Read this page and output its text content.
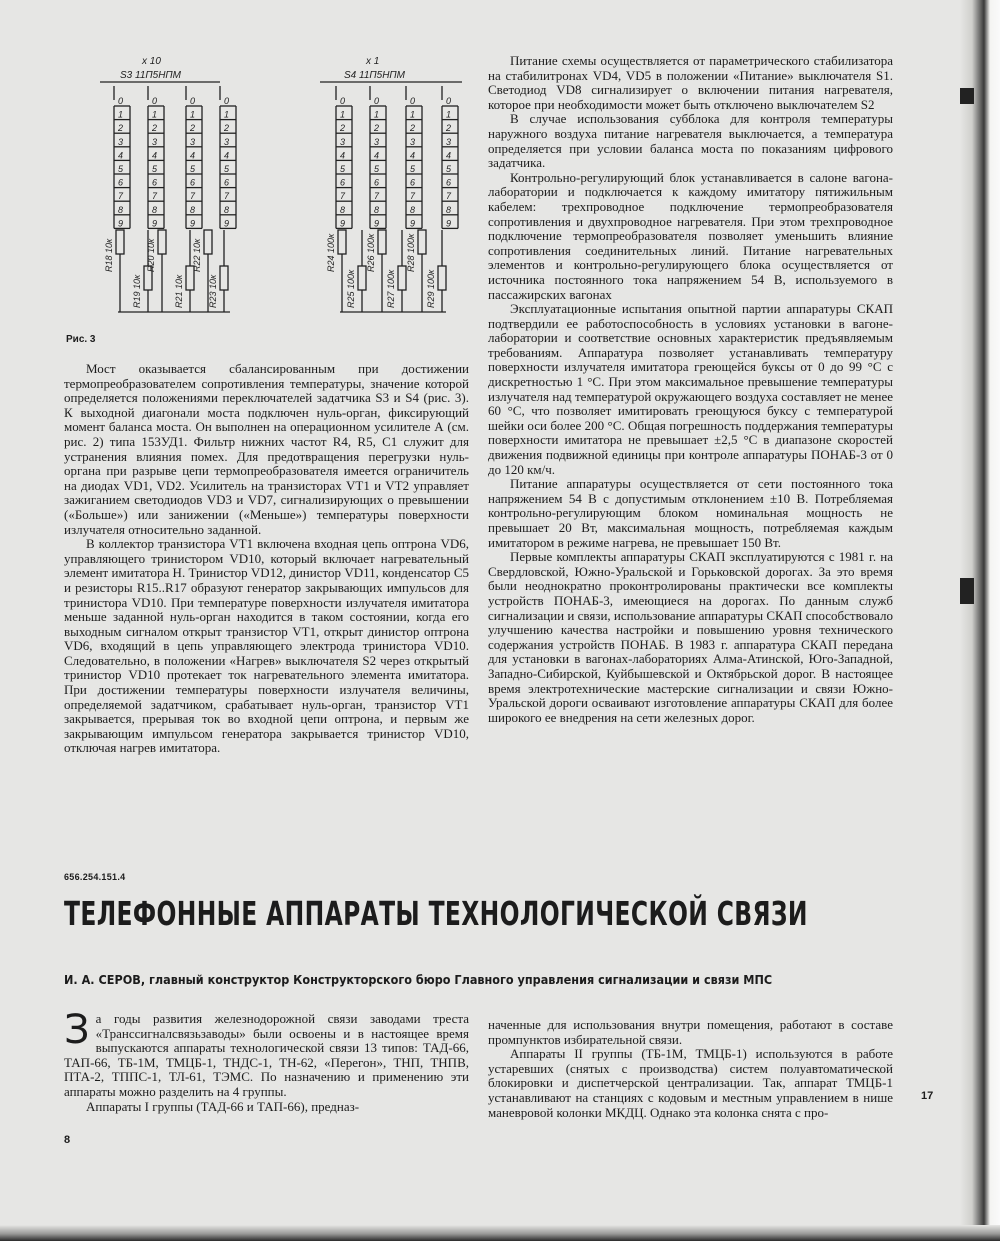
x 10
S3 11П5НПМ
x 1
S4 11П5НПМ
0
1
2
3
4
5
6
7
8
9
0
1
2
3
4
5
6
7
8
9
0
1
2
3
4
5
6
7
8
9
0
1
2
3
4
5
6
7
8
9
0
1
2
3
4
5
6
7
8
9
0
1
2
3
4
5
6
7
8
9
0
1
2
3
4
5
6
7
8
9
0
1
2
3
4
5
6
7
8
9
R18 10к
R19 10к
R20 10к
R21 10к
R22 10к
R23 10к
R24 100к
R25 100к
R26 100к
R27 100к
R28 100к
R29 100к
Рис. 3

Мост оказывается сбалансированным при достижении термопреобразователем сопротивления температуры, значение которой определяется положениями переключателей задатчика S3 и S4 (рис. 3). К выходной диагонали моста подключен нуль-орган, фиксирующий момент баланса моста. Он выполнен на операционном усилителе А (см. рис. 2) типа 153УД1. Фильтр нижних частот R4, R5, C1 служит для устранения влияния помех. Для предотвращения перегрузки нуль-органа при разрыве цепи термопреобразователя имеется ограничитель на диодах VD1, VD2. Усилитель на транзисторах VT1 и VT2 управляет зажиганием светодиодов VD3 и VD7, сигнализирующих о превышении («Больше») или занижении («Меньше») температуры поверхности излучателя относительно заданной.

В коллектор транзистора VT1 включена входная цепь оптрона VD6, управляющего тринистором VD10, который включает нагревательный элемент имитатора Н. Тринистор VD12, динистор VD11, конденсатор С5 и резисторы R15..R17 образуют генератор закрывающих импульсов для тринистора VD10. При температуре поверхности излучателя имитатора меньше заданной нуль-орган находится в таком состоянии, когда его выходным сигналом открыт транзистор VT1, открыт динистор оптрона VD6, входящий в цепь управляющего электрода тринистора VD10. Следовательно, в положении «Нагрев» выключателя S2 через открытый тринистор VD10 протекает ток нагревательного элемента имитатора. При достижении температуры поверхности излучателя величины, определяемой задатчиком, срабатывает нуль-орган, транзистор VT1 закрывается, прерывая ток во входной цепи оптрона, и первым же закрывающим импульсом генератора закрывается тринистор VD10, отключая нагрев имитатора.

Питание схемы осуществляется от параметрического стабилизатора на стабилитронах VD4, VD5 в положении «Питание» выключателя S1. Светодиод VD8 сигнализирует о включении питания нагревателя, которое при необходимости может быть отключено выключателем S2

В случае использования субблока для контроля температуры наружного воздуха питание нагревателя выключается, а температура определяется при условии баланса моста по показаниям цифрового задатчика.

Контрольно-регулирующий блок устанавливается в салоне вагона-лаборатории и подключается к каждому имитатору пятижильным кабелем: трехпроводное подключение термопреобразователя сопротивления и двухпроводное нагревателя. При этом трехпроводное подключение термопреобразователя позволяет уменьшить влияние сопротивления соединительных линий. Питание нагревательных элементов и контрольно-регулирующего блока осуществляется от источника постоянного тока напряжением 54 В, используемого в пассажирских вагонах

Эксплуатационные испытания опытной партии аппаратуры СКАП подтвердили ее работоспособность в условиях установки в вагоне-лаборатории и соответствие основных характеристик предъявляемым требованиям. Аппаратура позволяет устанавливать температуру поверхности излучателя имитатора греющейся буксы от 0 до 99 °С с дискретностью 1 °С. При этом максимальное превышение температуры излучателя над температурой окружающего воздуха составляет не менее 60 °С, что позволяет имитировать греющуюся буксу с температурой шейки оси более 200 °С. Общая погрешность поддержания температуры поверхности имитатора не превышает ±2,5 °С в диапазоне скоростей движения подвижной единицы при контроле аппаратуры ПОНАБ-3 от 0 до 120 км/ч.

Питание аппаратуры осуществляется от сети постоянного тока напряжением 54 В с допустимым отклонением ±10 В. Потребляемая контрольно-регулирующим блоком номинальная мощность не превышает 20 Вт, максимальная мощность, потребляемая каждым имитатором в режиме нагрева, не превышает 150 Вт.

Первые комплекты аппаратуры СКАП эксплуатируются с 1981 г. на Свердловской, Южно-Уральской и Горьковской дорогах. За это время были неоднократно проконтролированы практически все комплекты устройств ПОНАБ-3, имеющиеся на дорогах. По данным служб сигнализации и связи, использование аппаратуры СКАП способствовало улучшению качества настройки и повышению уровня технического содержания устройств ПОНАБ. В 1983 г. аппаратура СКАП передана для установки в вагонах-лабораториях Алма-Атинской, Юго-Западной, Западно-Сибирской, Куйбышевской и Октябрьской дорог. В настоящее время электротехнические мастерские сигнализации и связи Южно-Уральской дороги осваивают изготовление аппаратуры СКАП для более широкого ее внедрения на сети железных дорог.

656.254.151.4
ТЕЛЕФОННЫЕ АППАРАТЫ ТЕХНОЛОГИЧЕСКОЙ СВЯЗИ
И. А. СЕРОВ, главный конструктор Конструкторского бюро Главного управления сигнализации и связи МПС

За годы развития железнодорожной связи заводами треста «Транссигналсвязьзаводы» были освоены и в настоящее время выпускаются аппараты технологической связи 13 типов: ТАД-66, ТАП-66, ТБ-1М, ТМЦБ-1, ТНДС-1, ТН-62, «Перегон», ТНП, ТНПВ, ПТА-2, ТППС-1, ТЛ-61, ТЭМС. По назначению и применению эти аппараты можно разделить на 4 группы.

Аппараты I группы (ТАД-66 и ТАП-66), предназ-

наченные для использования внутри помещения, работают в составе промпунктов избирательной связи.

Аппараты II группы (ТБ-1М, ТМЦБ-1) используются в работе устаревших (снятых с производства) систем полуавтоматической блокировки и диспетчерской централизации. Так, аппарат ТМЦБ-1 устанавливают на станциях с кодовым и местным управлением в нише маневровой колонки МКДЦ. Однако эта колонка снята с про-

8
17
